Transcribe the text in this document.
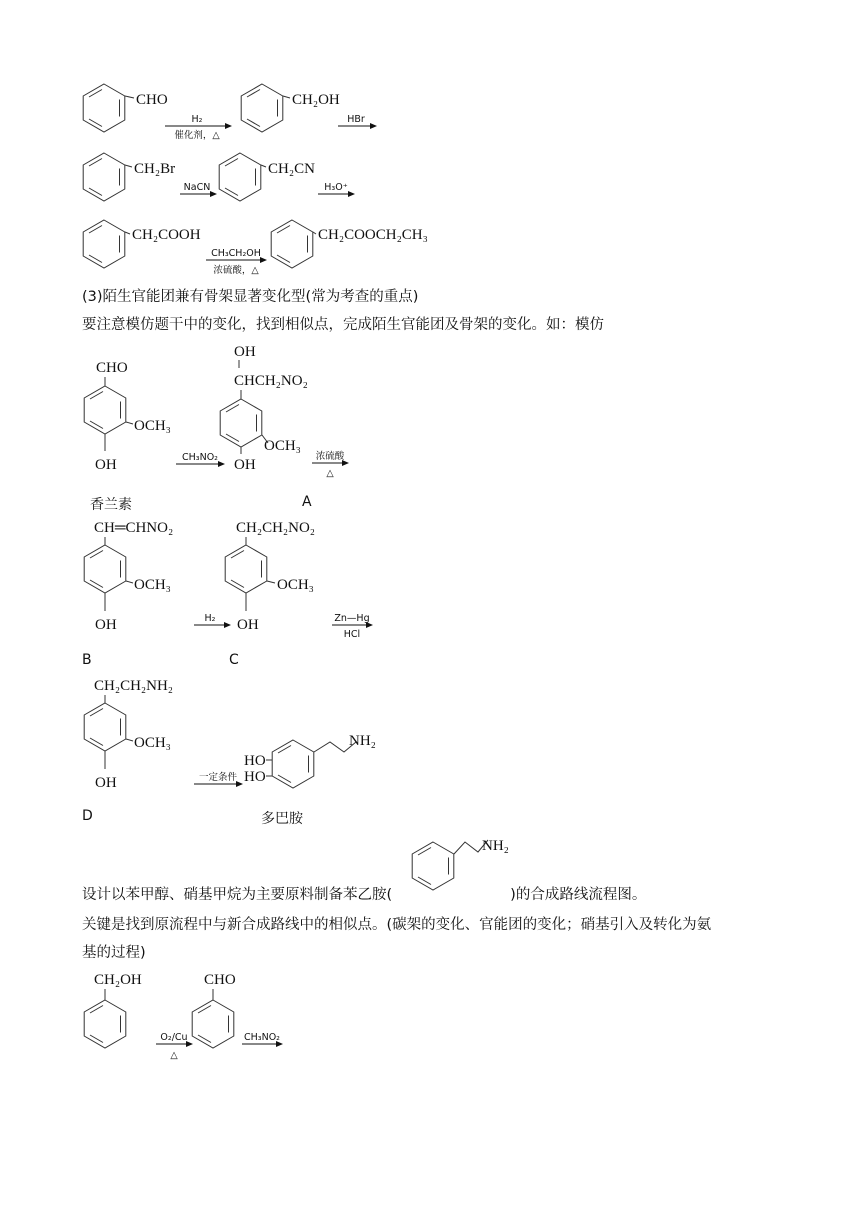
CHO
H₂
催化剂，△
CH₂OH
HBr
CH₂Br
NaCN
CH₂CN
H₃O⁺
CH₂COOH
CH₃CH₂OH
浓硫酸，△
CH₂COOCH₂CH₃
CHO
OCH₃
OH	CH₃NO₂
OH
CHCH₂NO₂
OCH₃
OH
浓硫酸
△
CH═CHNO₂
OCH₃
OH	H₂
CH₂CH₂NO₂
OCH₃
OH	Zn—Hg
HCl
CH₂CH₂NH₂
OCH₃
OH	一定条件
HO
HO
NH₂
NH₂
CH₂OH
O₂/Cu
△
CHO
CH₃NO₂
(3)陌生官能团兼有骨架显著变化型(常为考查的重点)
要注意模仿题干中的变化，找到相似点，完成陌生官能团及骨架的变化。如：模仿
香兰素	A
B	C
D	多巴胺
设计以苯甲醇、硝基甲烷为主要原料制备苯乙胺(	)的合成路线流程图。
关键是找到原流程中与新合成路线中的相似点。(碳架的变化、官能团的变化；硝基引入及转化为氨
基的过程)
